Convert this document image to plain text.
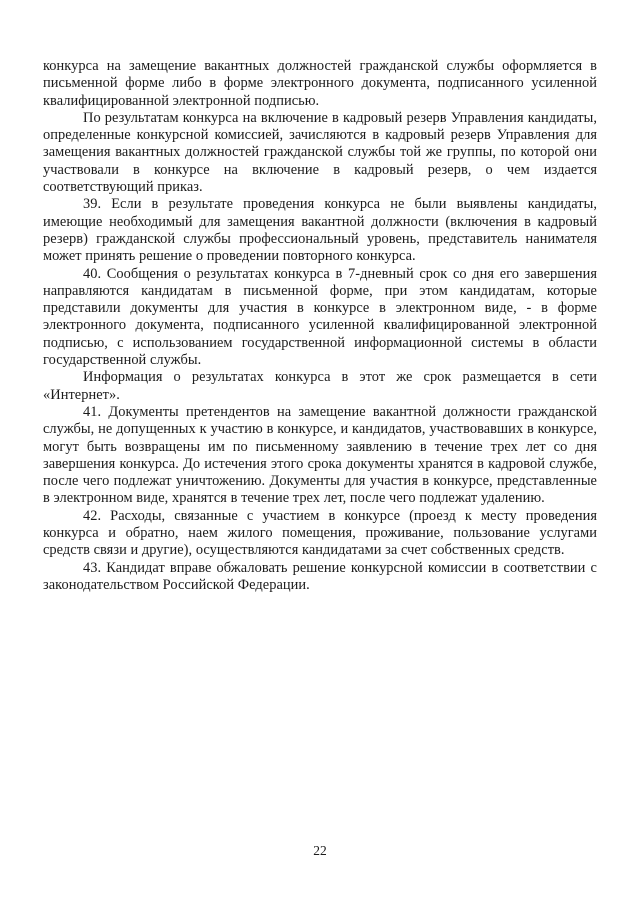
конкурса на замещение вакантных должностей гражданской службы оформляется в письменной форме либо в форме электронного документа, подписанного усиленной квалифицированной электронной подписью.

По результатам конкурса на включение в кадровый резерв Управления кандидаты, определенные конкурсной комиссией, зачисляются в кадровый резерв Управления для замещения вакантных должностей гражданской службы той же группы, по которой они участвовали в конкурсе на включение в кадровый резерв, о чем издается соответствующий приказ.

39. Если в результате проведения конкурса не были выявлены кандидаты, имеющие необходимый для замещения вакантной должности (включения в кадровый резерв) гражданской службы профессиональный уровень, представитель нанимателя может принять решение о проведении повторного конкурса.

40. Сообщения о результатах конкурса в 7-дневный срок со дня его завершения направляются кандидатам в письменной форме, при этом кандидатам, которые представили документы для участия в конкурсе в электронном виде, - в форме электронного документа, подписанного усиленной квалифицированной электронной подписью, с использованием государственной информационной системы в области государственной службы.

Информация о результатах конкурса в этот же срок размещается в сети «Интернет».

41. Документы претендентов на замещение вакантной должности гражданской службы, не допущенных к участию в конкурсе, и кандидатов, участвовавших в конкурсе, могут быть возвращены им по письменному заявлению в течение трех лет со дня завершения конкурса. До истечения этого срока документы хранятся в кадровой службе, после чего подлежат уничтожению. Документы для участия в конкурсе, представленные в электронном виде, хранятся в течение трех лет, после чего подлежат удалению.

42. Расходы, связанные с участием в конкурсе (проезд к месту проведения конкурса и обратно, наем жилого помещения, проживание, пользование услугами средств связи и другие), осуществляются кандидатами за счет собственных средств.

43. Кандидат вправе обжаловать решение конкурсной комиссии в соответствии с законодательством Российской Федерации.

22
